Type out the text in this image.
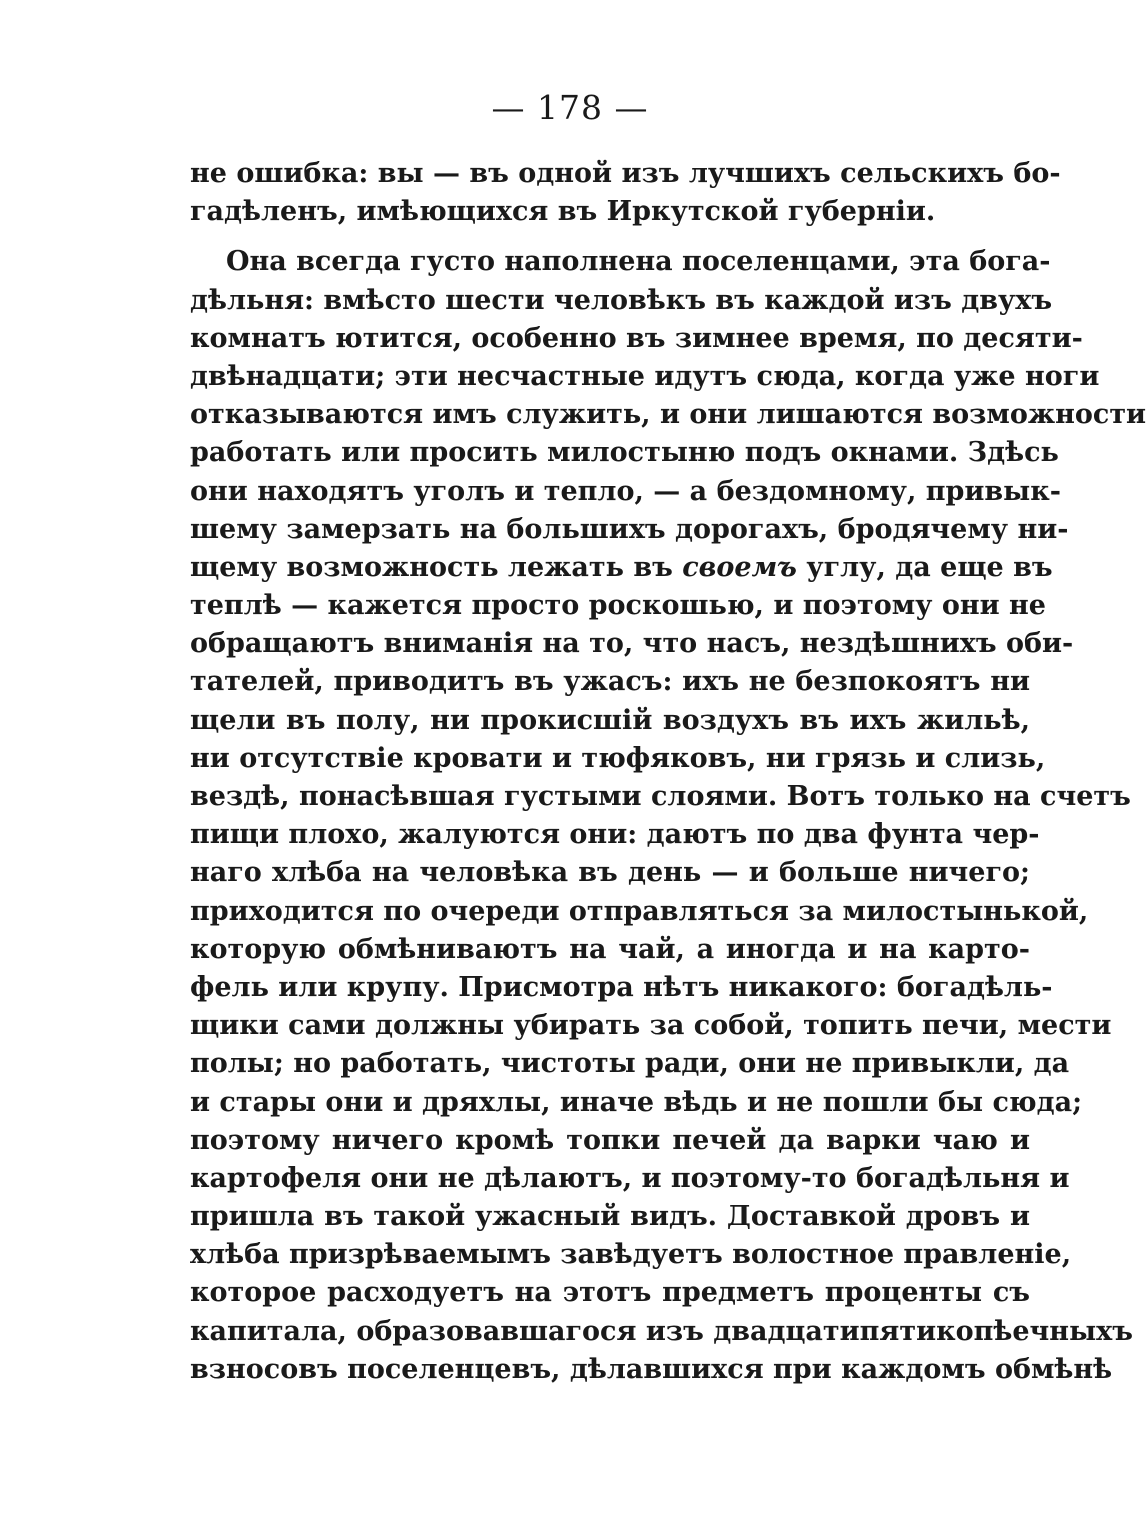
— 178 —
не ошибка: вы — въ одной изъ лучшихъ сельскихъ бо-
гадѣленъ, имѣющихся въ Иркутской губерніи.
Она всегда густо наполнена поселенцами, эта бога-
дѣльня: вмѣсто шести человѣкъ въ каждой изъ двухъ
комнатъ ютится, особенно въ зимнее время, по десяти-
двѣнадцати; эти несчастные идутъ сюда, когда уже ноги
отказываются имъ служить, и они лишаются возможности
работать или просить милостыню подъ окнами. Здѣсь
они находятъ уголъ и тепло, — а бездомному, привык-
шему замерзать на большихъ дорогахъ, бродячему ни-
щему возможность лежать въ своемъ углу, да еще въ
теплѣ — кажется просто роскошью, и поэтому они не
обращаютъ вниманія на то, что насъ, нездѣшнихъ оби-
тателей, приводитъ въ ужасъ: ихъ не безпокоятъ ни
щели въ полу, ни прокисшій воздухъ въ ихъ жильѣ,
ни отсутствіе кровати и тюфяковъ, ни грязь и слизь,
вездѣ, понасѣвшая густыми слоями. Вотъ только на счетъ
пищи плохо, жалуются они: даютъ по два фунта чер-
наго хлѣба на человѣка въ день — и больше ничего;
приходится по очереди отправляться за милостынькой,
которую обмѣниваютъ на чай, а иногда и на карто-
фель или крупу. Присмотра нѣтъ никакого: богадѣль-
щики сами должны убирать за собой, топить печи, мести
полы; но работать, чистоты ради, они не привыкли, да
и стары они и дряхлы, иначе вѣдь и не пошли бы сюда;
поэтому ничего кромѣ топки печей да варки чаю и
картофеля они не дѣлаютъ, и поэтому-то богадѣльня и
пришла въ такой ужасный видъ. Доставкой дровъ и
хлѣба призрѣваемымъ завѣдуетъ волостное правленіе,
которое расходуетъ на этотъ предметъ проценты съ
капитала, образовавшагося изъ двадцатипятикопѣечныхъ
взносовъ поселенцевъ, дѣлавшихся при каждомъ обмѣнѣ
